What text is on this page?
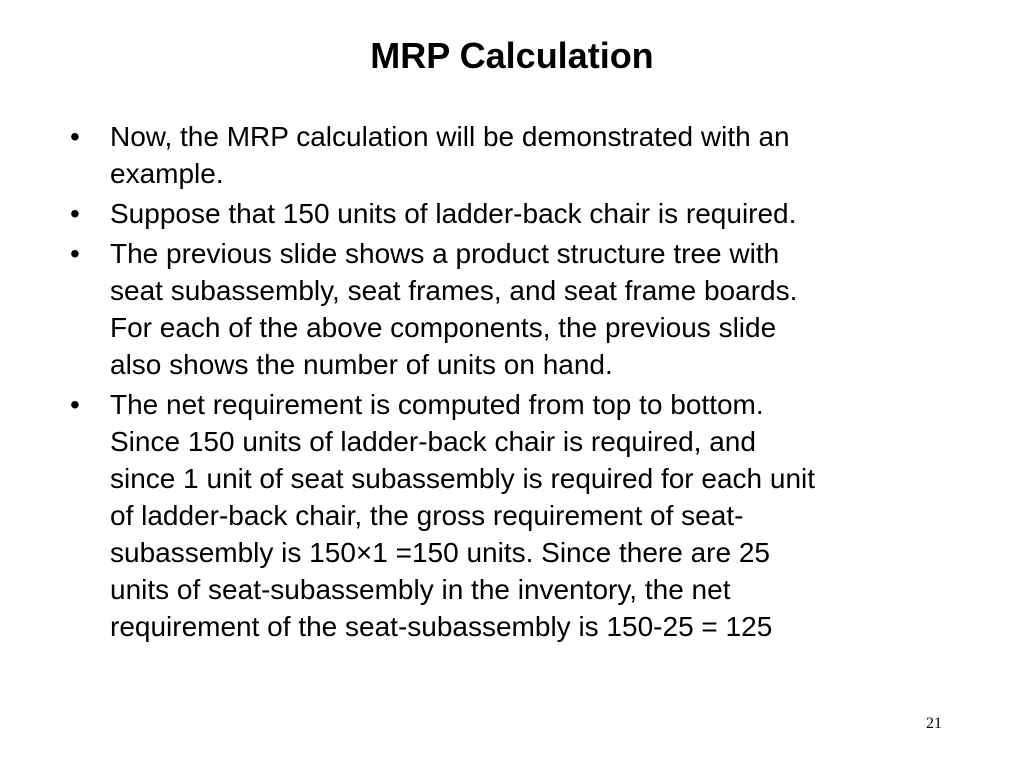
MRP Calculation
•	Now, the MRP calculation will be demonstrated with an
example.
•	Suppose that 150 units of ladder-back chair is required.
•	The previous slide shows a product structure tree with
seat subassembly, seat frames, and seat frame boards.
For each of the above components, the previous slide
also shows the number of units on hand.
•	The net requirement is computed from top to bottom.
Since 150 units of ladder-back chair is required, and
since 1 unit of seat subassembly is required for each unit
of ladder-back chair, the gross requirement of seat-
subassembly is 150×1 =150 units. Since there are 25
units of seat-subassembly in the inventory, the net
requirement of the seat-subassembly is 150-25 = 125
21
